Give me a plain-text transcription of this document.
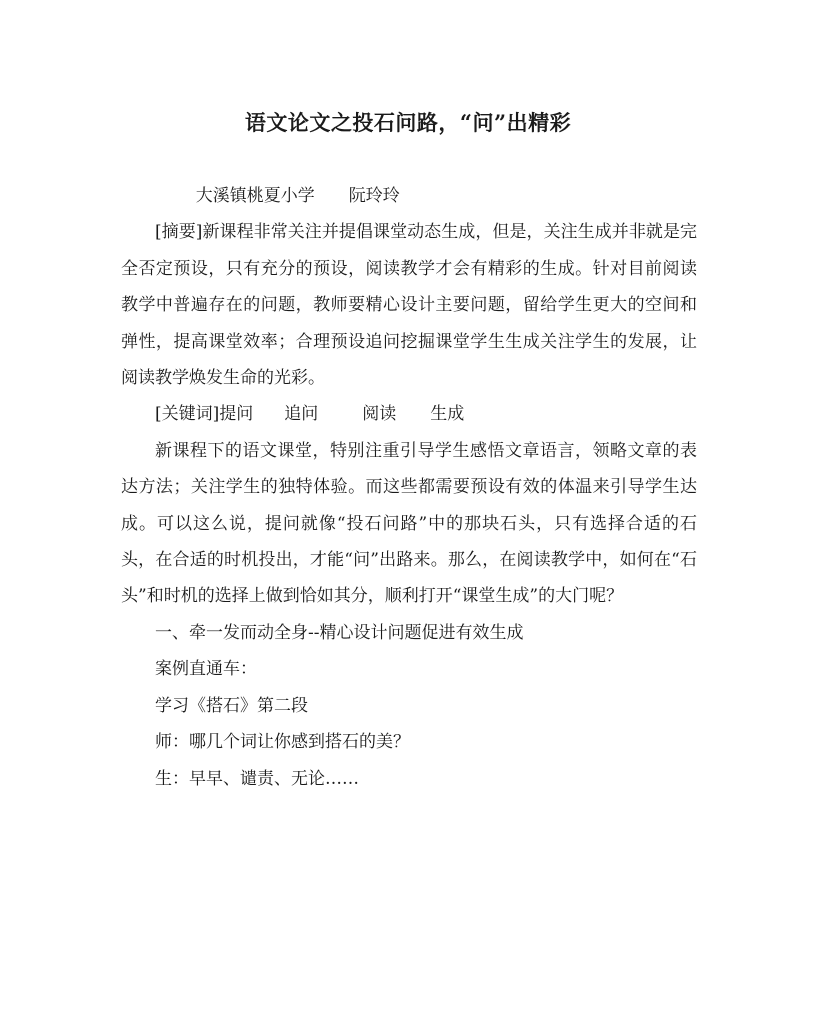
语文论文之投石问路，“问”出精彩

大溪镇桃夏小学 阮玲玲

[摘要]新课程非常关注并提倡课堂动态生成，但是，关注生成并非就是完全否定预设，只有充分的预设，阅读教学才会有精彩的生成。针对目前阅读教学中普遍存在的问题，教师要精心设计主要问题，留给学生更大的空间和弹性，提高课堂效率；合理预设追问挖掘课堂学生生成关注学生的发展，让阅读教学焕发生命的光彩。

[关键词]提问 追问	阅读 生成

新课程下的语文课堂，特别注重引导学生感悟文章语言，领略文章的表达方法；关注学生的独特体验。而这些都需要预设有效的体温来引导学生达成。可以这么说，提问就像“投石问路”中的那块石头，只有选择合适的石头，在合适的时机投出，才能“问”出路来。那么，在阅读教学中，如何在“石头”和时机的选择上做到恰如其分，顺利打开“课堂生成”的大门呢？

一、牵一发而动全身--精心设计问题促进有效生成

案例直通车：

学习《搭石》第二段

师：哪几个词让你感到搭石的美？

生：早早、谴责、无论……
